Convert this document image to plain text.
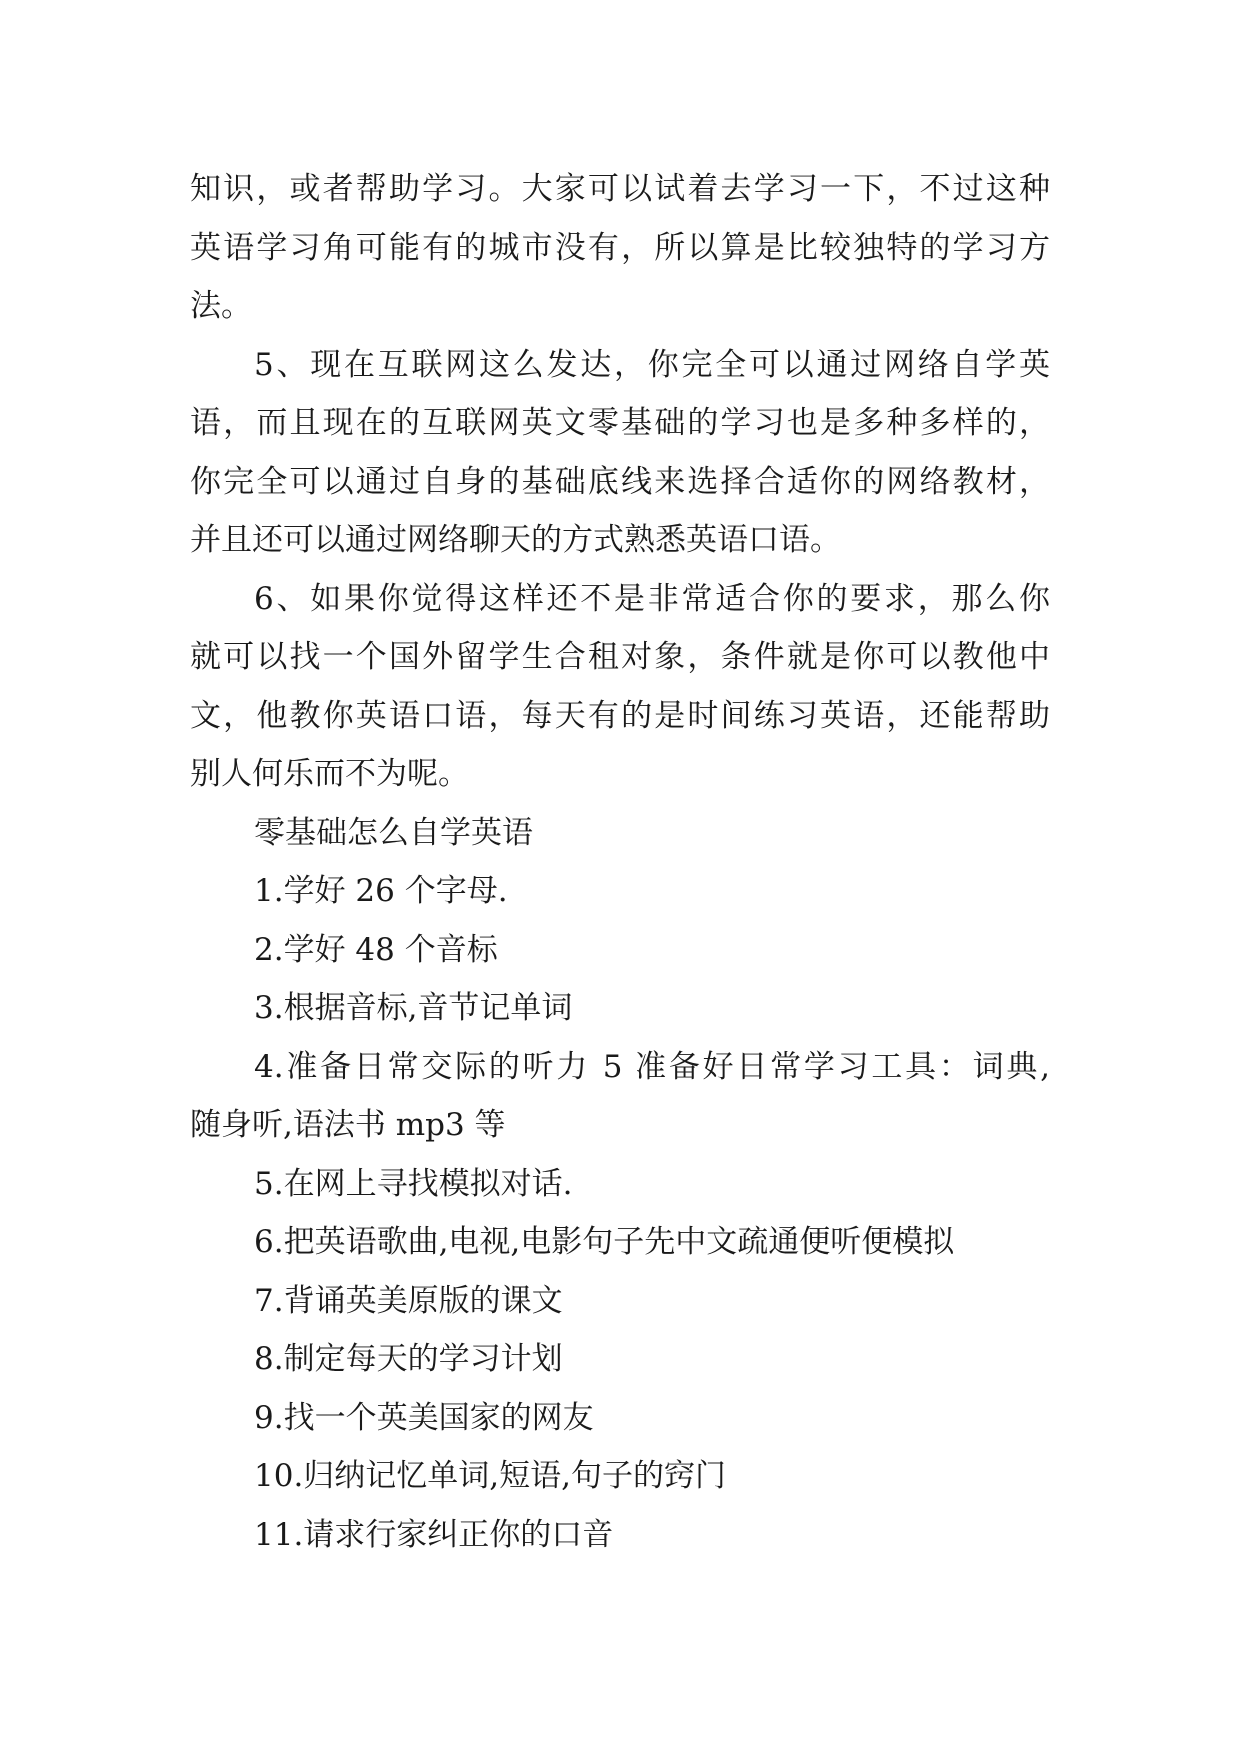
知识，或者帮助学习。大家可以试着去学习一下，不过这种
英语学习角可能有的城市没有，所以算是比较独特的学习方
法。
5、现在互联网这么发达，你完全可以通过网络自学英
语，而且现在的互联网英文零基础的学习也是多种多样的，
你完全可以通过自身的基础底线来选择合适你的网络教材，
并且还可以通过网络聊天的方式熟悉英语口语。
6、如果你觉得这样还不是非常适合你的要求，那么你
就可以找一个国外留学生合租对象，条件就是你可以教他中
文，他教你英语口语，每天有的是时间练习英语，还能帮助
别人何乐而不为呢。
零基础怎么自学英语
1.学好 26 个字母.
2.学好 48 个音标
3.根据音标,音节记单词
4.准备日常交际的听力 5 准备好日常学习工具：词典,
随身听,语法书 mp3 等
5.在网上寻找模拟对话.
6.把英语歌曲,电视,电影句子先中文疏通便听便模拟
7.背诵英美原版的课文
8.制定每天的学习计划
9.找一个英美国家的网友
10.归纳记忆单词,短语,句子的窍门
11.请求行家纠正你的口音
